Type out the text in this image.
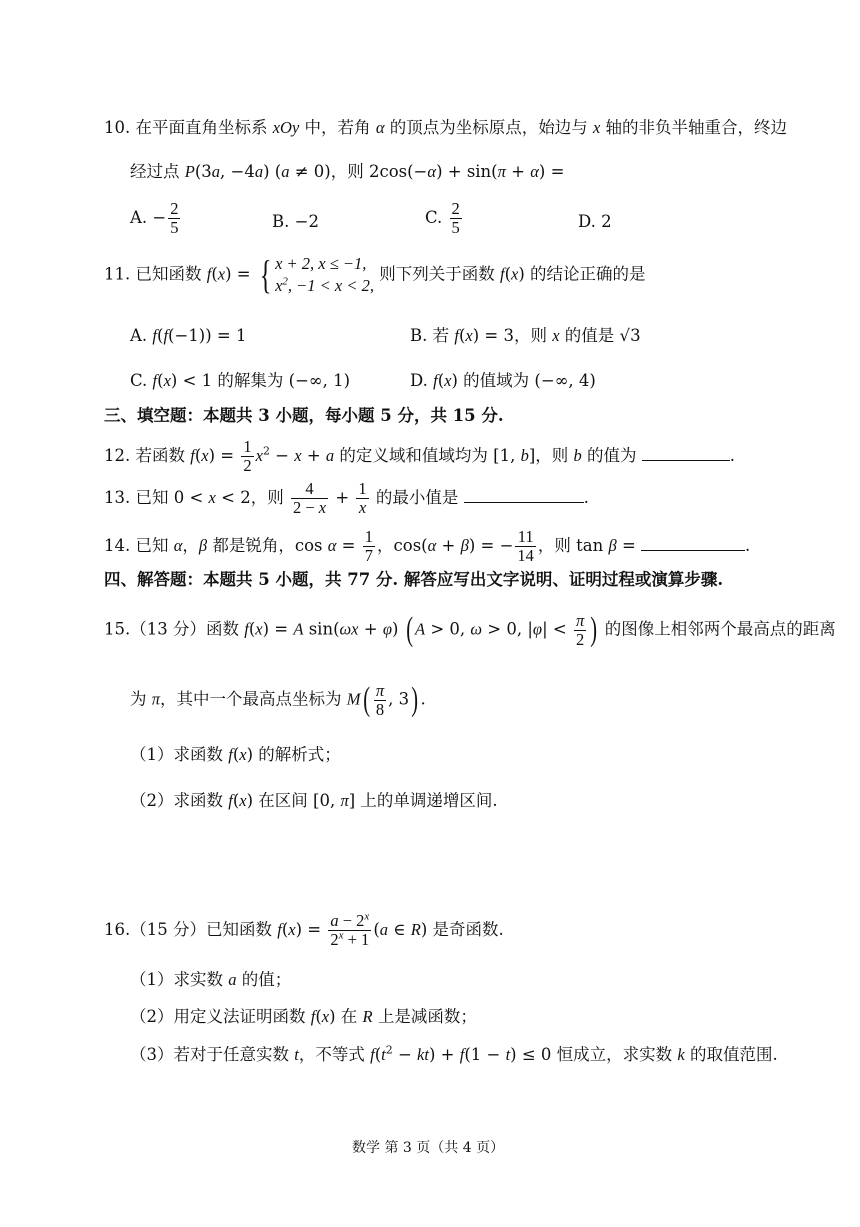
10. 在平面直角坐标系 xOy 中，若角 α 的顶点为坐标原点，始边与 x 轴的非负半轴重合，终边
经过点 P(3a, −4a) (a ≠ 0)，则 2cos(−α) + sin(π + α) =
A. − $\frac{2}{5}$	B. −2	C. $\frac{2}{5}$	D. 2
11. 已知函数 f(x) = { x + 2, x ≤ −1,
$x^2$, −1 < x < 2,
则下列关于函数 f(x) 的结论正确的是
A. f(f(−1)) = 1	B. 若 f(x) = 3，则 x 的值是 √3
C. f(x) < 1 的解集为 (−∞, 1)	D. f(x) 的值域为 (−∞, 4)
三、填空题：本题共 3 小题，每小题 5 分，共 15 分.
12. 若函数 $f(x) = \frac{1}{2} x^2 - x + a$ 的定义域和值域均为 [1, b]，则 b 的值为	.
13. 已知 0 < x < 2，则 $\frac{4}{2 - x} + \frac{1}{x}$ 的最小值是	.
14. 已知 α，β 都是锐角，$\cos \alpha = \frac{1}{7}$ ，cos(α + β) = − $\frac{11}{14}$ ，则 tan β =	.
四、解答题：本题共 5 小题，共 77 分. 解答应写出文字说明、证明过程或演算步骤.
15.（13 分）函数 f(x) = A sin(ωx + φ) ( A > 0, ω > 0, $|\varphi| < \frac{\pi}{2}$ ) 的图像上相邻两个最高点的距离
为 π，其中一个最高点坐标为 $M( \frac{\pi}{8}$ , 3) .
（1）求函数 f(x) 的解析式；
（2）求函数 f(x) 在区间 [0, π] 上的单调递增区间.
16.（15 分）已知函数 $f(x) = \frac{a - 2^x}{2^x + 1} (a$ ∈ R) 是奇函数.
（1）求实数 a 的值；
（2）用定义法证明函数 f(x) 在 R 上是减函数；
（3）若对于任意实数 t，不等式 $f(t^2 - kt) + f(1 - t) \le 0$ 恒成立，求实数 k 的取值范围.
数学 第 3 页（共 4 页）
